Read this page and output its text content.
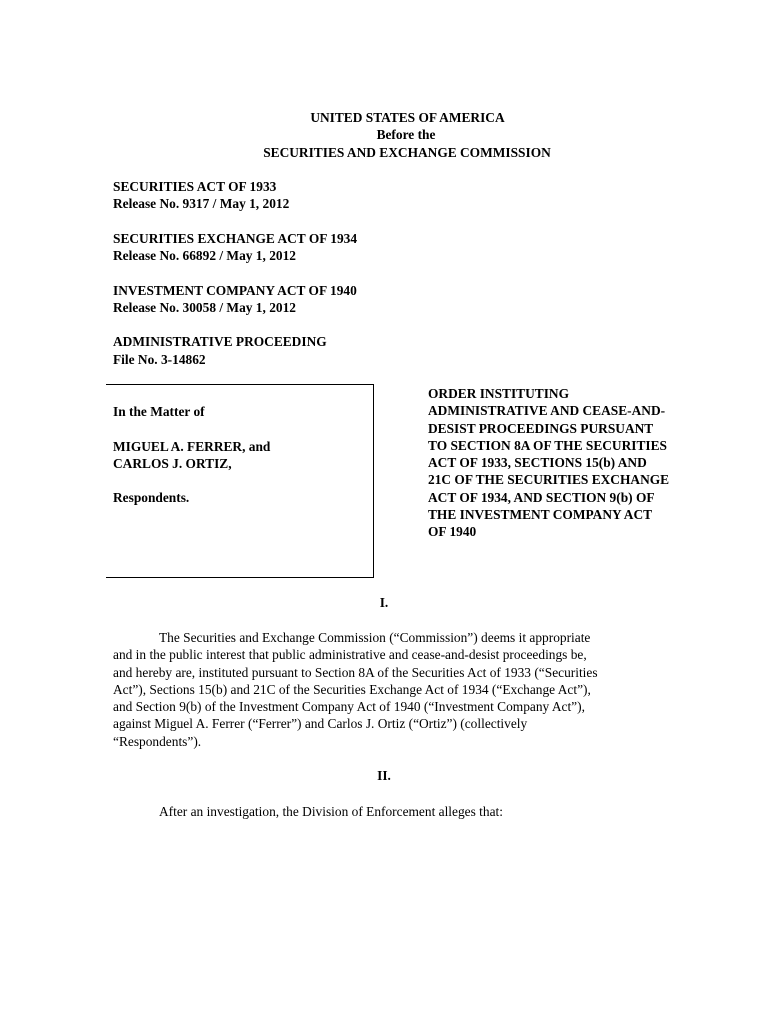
UNITED STATES OF AMERICA
Before the
SECURITIES AND EXCHANGE COMMISSION
SECURITIES ACT OF 1933
Release No. 9317 / May 1, 2012
SECURITIES EXCHANGE ACT OF 1934
Release No. 66892 / May 1, 2012
INVESTMENT COMPANY ACT OF 1940
Release No. 30058 / May 1, 2012
ADMINISTRATIVE PROCEEDING
File No. 3-14862
In the Matter of
MIGUEL A. FERRER, and
CARLOS J. ORTIZ,
Respondents.
ORDER INSTITUTING
ADMINISTRATIVE AND CEASE-AND-
DESIST PROCEEDINGS PURSUANT
TO SECTION 8A OF THE SECURITIES
ACT OF 1933, SECTIONS 15(b) AND
21C OF THE SECURITIES EXCHANGE
ACT OF 1934, AND SECTION 9(b) OF
THE INVESTMENT COMPANY ACT
OF 1940
I.
The Securities and Exchange Commission (“Commission”) deems it appropriate
and in the public interest that public administrative and cease-and-desist proceedings be,
and hereby are, instituted pursuant to Section 8A of the Securities Act of 1933 (“Securities
Act”), Sections 15(b) and 21C of the Securities Exchange Act of 1934 (“Exchange Act”),
and Section 9(b) of the Investment Company Act of 1940 (“Investment Company Act”),
against Miguel A. Ferrer (“Ferrer”) and Carlos J. Ortiz (“Ortiz”) (collectively
“Respondents”).
II.
After an investigation, the Division of Enforcement alleges that:
